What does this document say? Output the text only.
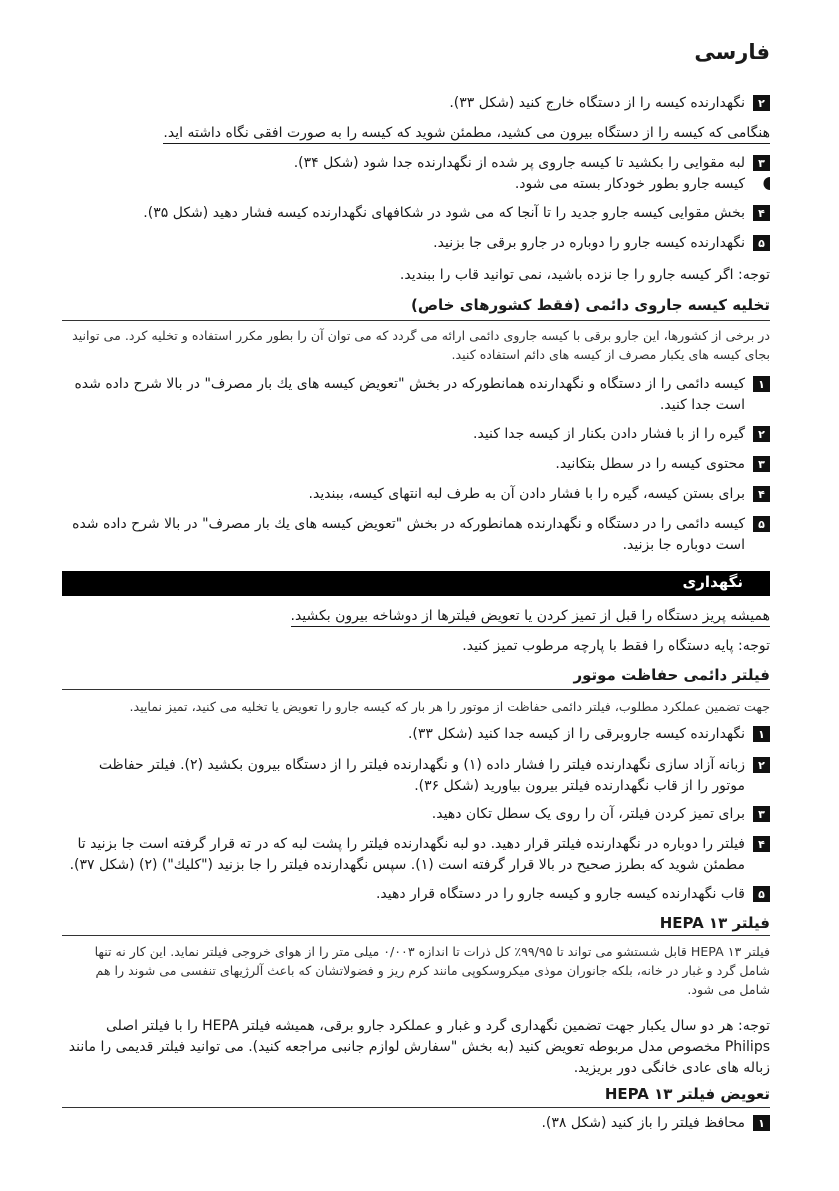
فارسی
۲
نگهدارنده کیسه را از دستگاه خارج کنید (شکل ۳۳).
هنگامی که کیسه را از دستگاه بیرون می کشید، مطمئن شوید که کیسه را به صورت افقی نگاه داشته اید.
۳
لبه مقوایی را بکشید تا کیسه جاروی پر شده از نگهدارنده جدا شود (شکل ۳۴).
کیسه جارو بطور خودکار بسته می شود.
۴
بخش مقوایی کیسه جارو جدید را تا آنجا که می شود در شکافهای نگهدارنده کیسه فشار دهید (شکل ۳۵).
۵
نگهدارنده کیسه جارو را دوباره در جارو برقی جا بزنید.
توجه: اگر کیسه جارو را جا نزده باشید، نمی توانید قاب را ببندید.
تخلیه کیسه جاروی دائمی (فقط کشورهای خاص)
در برخی از کشورها، این جارو برقی با کیسه جاروی دائمی ارائه می گردد که می توان آن را بطور مکرر استفاده و تخلیه کرد. می توانید بجای کیسه های یکبار مصرف از کیسه های دائم استفاده کنید.
۱
کیسه دائمی را از دستگاه و نگهدارنده همانطورکه در بخش "تعویض کیسه های یك بار مصرف" در بالا شرح داده شده است جدا کنید.
۲
گیره را از با فشار دادن بکنار از کیسه جدا کنید.
۳
محتوی کیسه را در سطل بتکانید.
۴
برای بستن کیسه، گیره را با فشار دادن آن به طرف لبه انتهای کیسه، ببندید.
۵
کیسه دائمی را در دستگاه و نگهدارنده همانطورکه در بخش "تعویض کیسه های یك بار مصرف" در بالا شرح داده شده است دوباره جا بزنید.
نگهداری
همیشه پریز دستگاه را قبل از تمیز کردن یا تعویض فیلترها از دوشاخه بیرون بکشید.
توجه: پایه دستگاه را فقط با پارچه مرطوب تمیز کنید.
فیلتر دائمی حفاظت موتور
جهت تضمین عملکرد مطلوب، فیلتر دائمی حفاظت از موتور را هر بار که کیسه جارو را تعویض یا تخلیه می کنید، تمیز نمایید.
۱
نگهدارنده کیسه جاروبرقی را از کیسه جدا کنید (شکل ۳۳).
۲
زبانه آزاد سازی نگهدارنده فیلتر را فشار داده (۱) و نگهدارنده فیلتر را از دستگاه بیرون بکشید (۲). فیلتر حفاظت موتور را از قاب نگهدارنده فیلتر بیرون بیاورید (شکل ۳۶).
۳
برای تمیز کردن فیلتر، آن را روی یک سطل تکان دهید.
۴
فیلتر را دوباره در نگهدارنده فیلتر قرار دهید. دو لبه نگهدارنده فیلتر را پشت لبه که در ته قرار گرفته است جا بزنید تا مطمئن شوید که بطرز صحیح در بالا قرار گرفته است (۱). سپس نگهدارنده فیلتر را جا بزنید ("کلیك") (۲) (شکل ۳۷).
۵
قاب نگهدارنده کیسه جارو و کیسه جارو را در دستگاه قرار دهید.
فیلتر HEPA ۱۳
فیلتر HEPA ۱۳ قابل شستشو می تواند تا ۹۹/۹۵٪ کل ذرات تا اندازه ۰/۰۰۳ میلی متر را از هوای خروجی فیلتر نماید. این کار نه تنها شامل گرد و غبار در خانه، بلکه جانوران موذی میکروسکوپی مانند کرم ریز و فضولاتشان که باعث آلرژیهای تنفسی می شوند را هم شامل می شود.
توجه: هر دو سال یکبار جهت تضمین نگهداری گرد و غبار و عملکرد جارو برقی، همیشه فیلتر HEPA را با فیلتر اصلی Philips مخصوص مدل مربوطه تعویض کنید (به بخش "سفارش لوازم جانبی مراجعه کنید). می توانید فیلتر قدیمی را مانند زباله های عادی خانگی دور بریزید.
تعویض فیلتر HEPA ۱۳
۱
محافظ فیلتر را باز کنید (شکل ۳۸).
